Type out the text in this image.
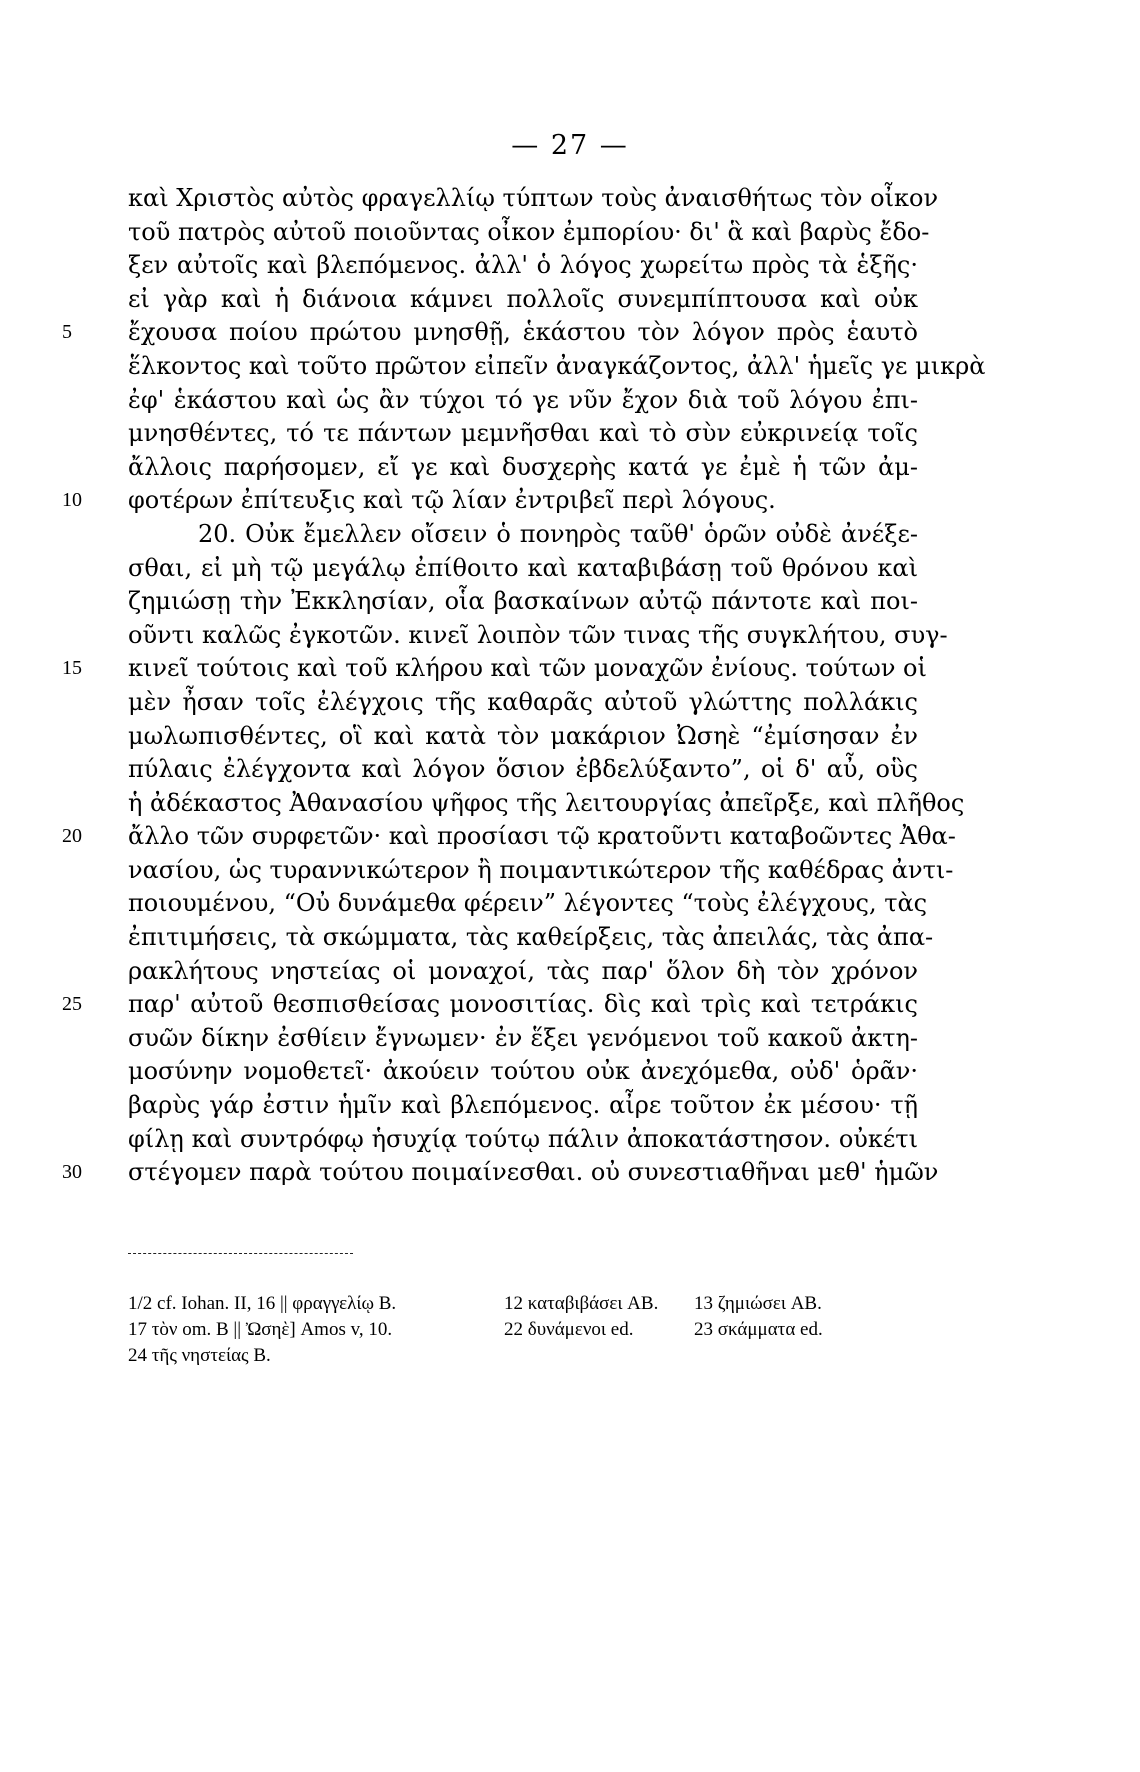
— 27 —
καὶ Χριστὸς αὐτὸς φραγελλίῳ τύπτων τοὺς ἀναισθήτως τὸν οἶκον
τοῦ πατρὸς αὐτοῦ ποιοῦντας οἶκον ἐμπορίου· δι' ἃ καὶ βαρὺς ἔδο-
ξεν αὐτοῖς καὶ βλεπόμενος. ἀλλ' ὁ λόγος χωρείτω πρὸς τὰ ἑξῆς·
εἰ γὰρ καὶ ἡ διάνοια κάμνει πολλοῖς συνεμπίπτουσα καὶ οὐκ
5	ἔχουσα ποίου πρώτου μνησθῇ, ἑκάστου τὸν λόγον πρὸς ἑαυτὸ
ἕλκοντος καὶ τοῦτο πρῶτον εἰπεῖν ἀναγκάζοντος, ἀλλ' ἡμεῖς γε μικρὰ
ἐφ' ἑκάστου καὶ ὡς ἂν τύχοι τό γε νῦν ἔχον διὰ τοῦ λόγου ἐπι-
μνησθέντες, τό τε πάντων μεμνῆσθαι καὶ τὸ σὺν εὐκρινείᾳ τοῖς
ἄλλοις παρήσομεν, εἴ γε καὶ δυσχερὴς κατά γε ἐμὲ ἡ τῶν ἀμ-
10	φοτέρων ἐπίτευξις καὶ τῷ λίαν ἐντριβεῖ περὶ λόγους.
20. Οὐκ ἔμελλεν οἴσειν ὁ πονηρὸς ταῦθ' ὁρῶν οὐδὲ ἀνέξε-
σθαι, εἰ μὴ τῷ μεγάλῳ ἐπίθοιτο καὶ καταβιβάσῃ τοῦ θρόνου καὶ
ζημιώσῃ τὴν Ἐκκλησίαν, οἷα βασκαίνων αὐτῷ πάντοτε καὶ ποι-
οῦντι καλῶς ἐγκοτῶν. κινεῖ λοιπὸν τῶν τινας τῆς συγκλήτου, συγ-
15	κινεῖ τούτοις καὶ τοῦ κλήρου καὶ τῶν μοναχῶν ἐνίους. τούτων οἱ
μὲν ἦσαν τοῖς ἐλέγχοις τῆς καθαρᾶς αὐτοῦ γλώττης πολλάκις
μωλωπισθέντες, οἳ καὶ κατὰ τὸν μακάριον Ὠσηὲ “ἐμίσησαν ἐν
πύλαις ἐλέγχοντα καὶ λόγον ὅσιον ἐβδελύξαντο”, οἱ δ' αὖ, οὓς
ἡ ἀδέκαστος Ἀθανασίου ψῆφος τῆς λειτουργίας ἀπεῖρξε, καὶ πλῆθος
20	ἄλλο τῶν συρφετῶν· καὶ προσίασι τῷ κρατοῦντι καταβοῶντες Ἀθα-
νασίου, ὡς τυραννικώτερον ἢ ποιμαντικώτερον τῆς καθέδρας ἀντι-
ποιουμένου, “Οὐ δυνάμεθα φέρειν” λέγοντες “τοὺς ἐλέγχους, τὰς
ἐπιτιμήσεις, τὰ σκώμματα, τὰς καθείρξεις, τὰς ἀπειλάς, τὰς ἀπα-
ρακλήτους νηστείας οἱ μοναχοί, τὰς παρ' ὅλον δὴ τὸν χρόνον
25	παρ' αὐτοῦ θεσπισθείσας μονοσιτίας. δὶς καὶ τρὶς καὶ τετράκις
συῶν δίκην ἐσθίειν ἔγνωμεν· ἐν ἕξει γενόμενοι τοῦ κακοῦ ἀκτη-
μοσύνην νομοθετεῖ· ἀκούειν τούτου οὐκ ἀνεχόμεθα, οὐδ' ὁρᾶν·
βαρὺς γάρ ἐστιν ἡμῖν καὶ βλεπόμενος. αἶρε τοῦτον ἐκ μέσου· τῇ
φίλῃ καὶ συντρόφῳ ἡσυχίᾳ τούτῳ πάλιν ἀποκατάστησον. οὐκέτι
30	στέγομεν παρὰ τούτου ποιμαίνεσθαι. οὐ συνεστιαθῆναι μεθ' ἡμῶν
1/2 cf. Iohan. II, 16 || φραγγελίῳ B.	12 καταβιβάσει AB. 13 ζημιώσει AB.
17 τὸν om. B || Ὠσηὲ] Amos v, 10.	22 δυνάμενοι ed.	23 σκάμματα ed.
24 τῆς νηστείας B.
